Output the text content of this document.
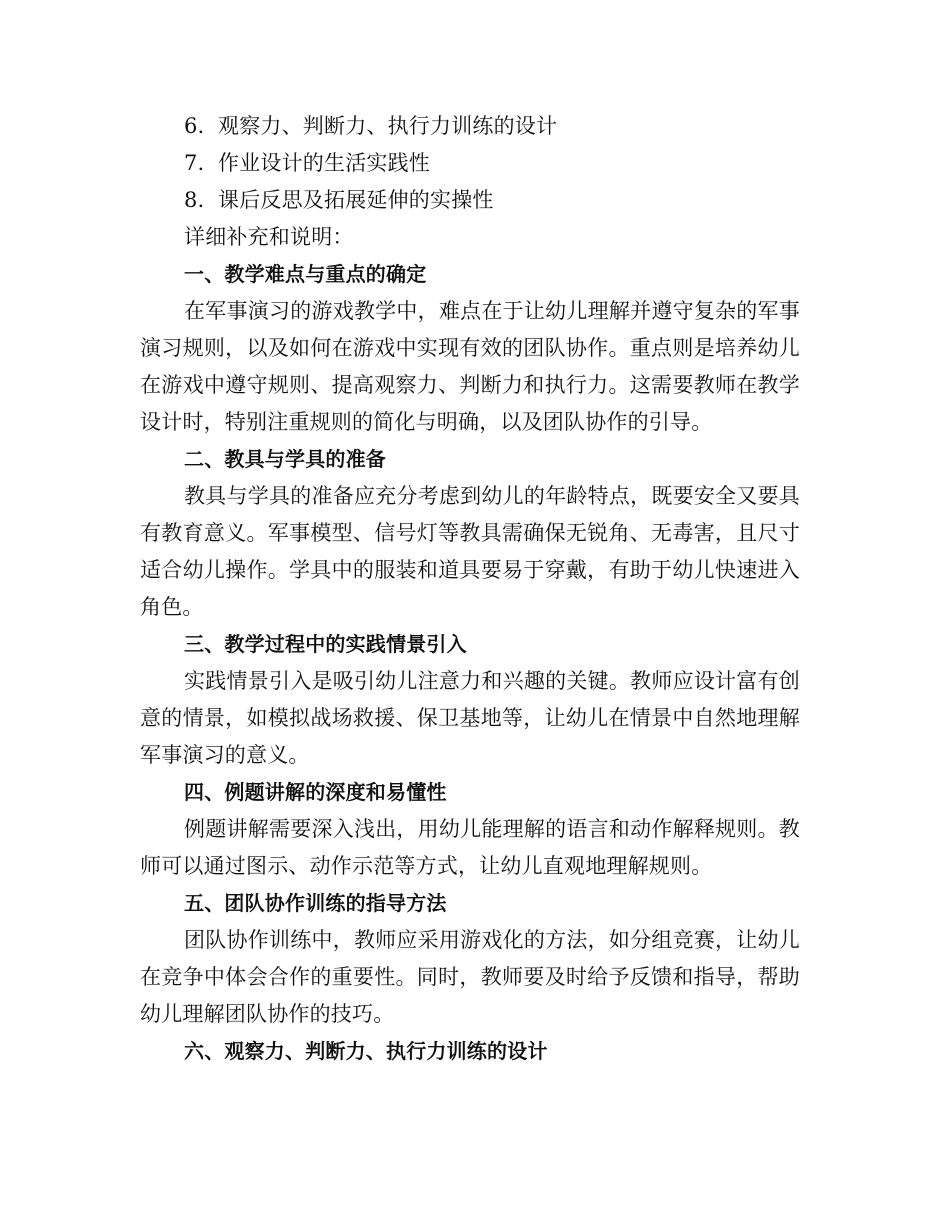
6. 观察力、判断力、执行力训练的设计

7. 作业设计的生活实践性

8. 课后反思及拓展延伸的实操性

详细补充和说明：

一、教学难点与重点的确定

在军事演习的游戏教学中，难点在于让幼儿理解并遵守复杂的军事演习规则，以及如何在游戏中实现有效的团队协作。重点则是培养幼儿在游戏中遵守规则、提高观察力、判断力和执行力。这需要教师在教学设计时，特别注重规则的简化与明确，以及团队协作的引导。

二、教具与学具的准备

教具与学具的准备应充分考虑到幼儿的年龄特点，既要安全又要具有教育意义。军事模型、信号灯等教具需确保无锐角、无毒害，且尺寸适合幼儿操作。学具中的服装和道具要易于穿戴，有助于幼儿快速进入角色。

三、教学过程中的实践情景引入

实践情景引入是吸引幼儿注意力和兴趣的关键。教师应设计富有创意的情景，如模拟战场救援、保卫基地等，让幼儿在情景中自然地理解军事演习的意义。

四、例题讲解的深度和易懂性

例题讲解需要深入浅出，用幼儿能理解的语言和动作解释规则。教师可以通过图示、动作示范等方式，让幼儿直观地理解规则。

五、团队协作训练的指导方法

团队协作训练中，教师应采用游戏化的方法，如分组竞赛，让幼儿在竞争中体会合作的重要性。同时，教师要及时给予反馈和指导，帮助幼儿理解团队协作的技巧。

六、观察力、判断力、执行力训练的设计
